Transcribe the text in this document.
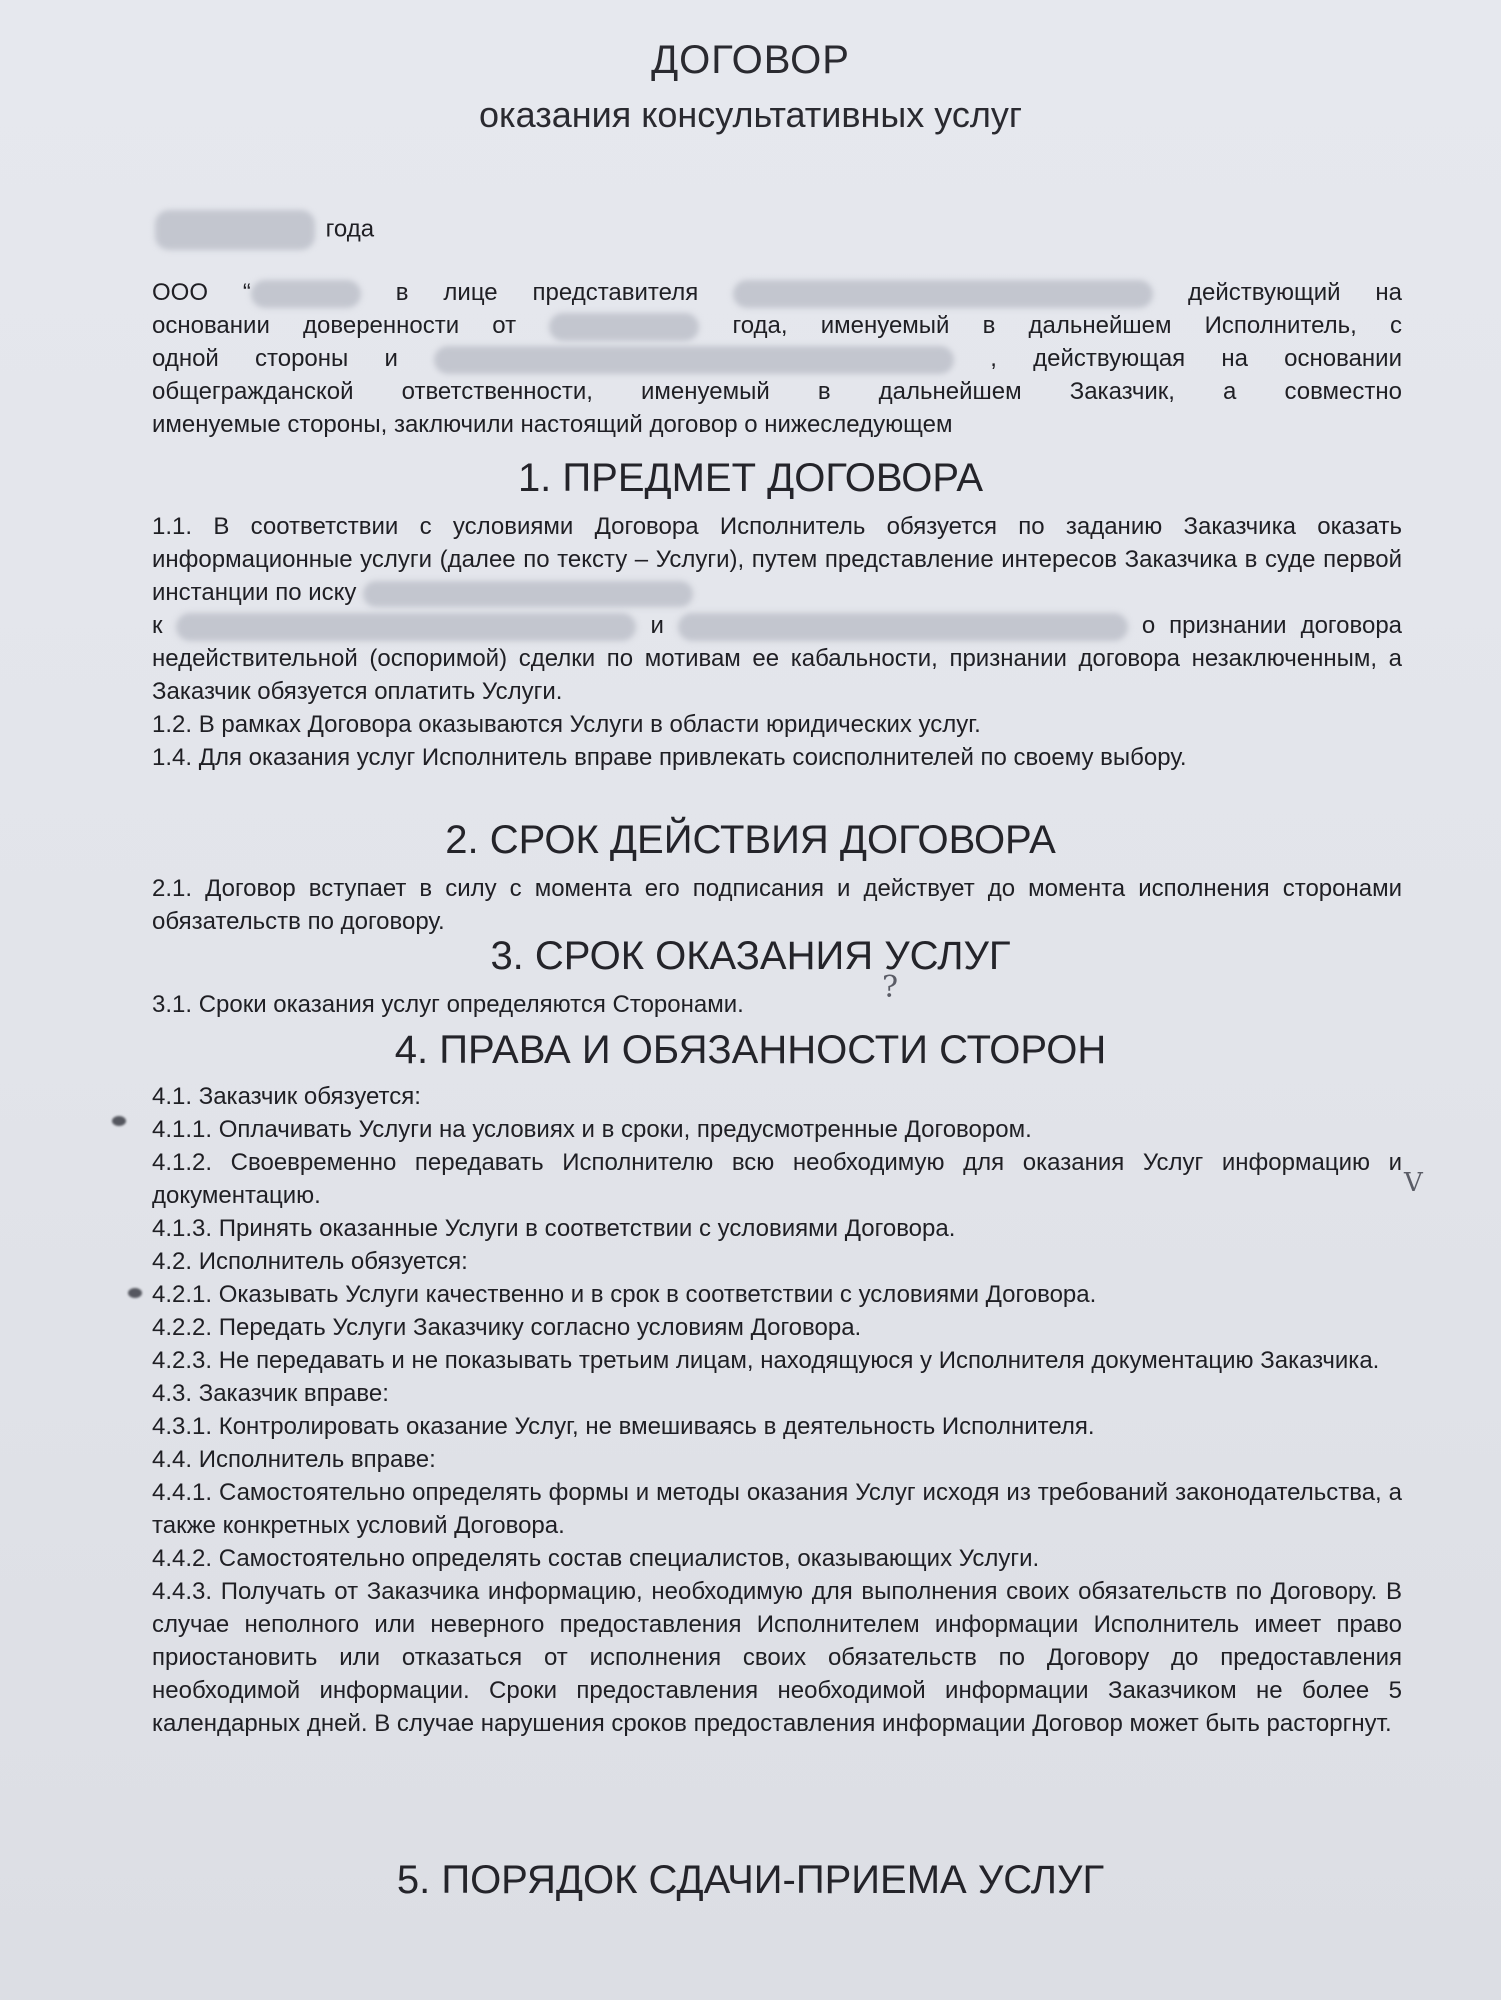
ДОГОВОР
оказания консультативных услуг
года

ООО “	в лице представителя	действующий на

основании доверенности от	года, именуемый в дальнейшем Исполнитель, с

одной стороны и	, действующая на основании

общегражданской ответственности, именуемый в дальнейшем Заказчик, а совместно

именуемые стороны, заключили настоящий договор о нижеследующем

1. ПРЕДМЕТ ДОГОВОРА

1.1. В соответствии с условиями Договора Исполнитель обязуется по заданию Заказчика оказать информационные услуги (далее по тексту – Услуги), путем представление интересов Заказчика в суде первой инстанции по иску
к	и	о признании договора недействительной (оспоримой) сделки по мотивам ее кабальности, признании договора незаключенным, а Заказчик обязуется оплатить Услуги.

1.2. В рамках Договора оказываются Услуги в области юридических услуг.

1.4. Для оказания услуг Исполнитель вправе привлекать соисполнителей по своему выбору.

2. СРОК ДЕЙСТВИЯ ДОГОВОРА

2.1. Договор вступает в силу с момента его подписания и действует до момента исполнения сторонами обязательств по договору.

3. СРОК ОКАЗАНИЯ УСЛУГ

3.1. Сроки оказания услуг определяются Сторонами.	?
4. ПРАВА И ОБЯЗАННОСТИ СТОРОН

4.1. Заказчик обязуется:

4.1.1. Оплачивать Услуги на условиях и в сроки, предусмотренные Договором.

4.1.2. Своевременно передавать Исполнителю всю необходимую для оказания Услуг информацию и документацию.

4.1.3. Принять оказанные Услуги в соответствии с условиями Договора.

4.2. Исполнитель обязуется:

4.2.1. Оказывать Услуги качественно и в срок в соответствии с условиями Договора.

4.2.2. Передать Услуги Заказчику согласно условиям Договора.

4.2.3. Не передавать и не показывать третьим лицам, находящуюся у Исполнителя документацию Заказчика.

4.3. Заказчик вправе:

4.3.1. Контролировать оказание Услуг, не вмешиваясь в деятельность Исполнителя.

4.4. Исполнитель вправе:

4.4.1. Самостоятельно определять формы и методы оказания Услуг исходя из требований законодательства, а также конкретных условий Договора.

4.4.2. Самостоятельно определять состав специалистов, оказывающих Услуги.

4.4.3. Получать от Заказчика информацию, необходимую для выполнения своих обязательств по Договору. В случае неполного или неверного предоставления Исполнителем информации Исполнитель имеет право приостановить или отказаться от исполнения своих обязательств по Договору до предоставления необходимой информации. Сроки предоставления необходимой информации Заказчиком не более 5 календарных дней. В случае нарушения сроков предоставления информации Договор может быть расторгнут.

V
5. ПОРЯДОК СДАЧИ-ПРИЕМА УСЛУГ
